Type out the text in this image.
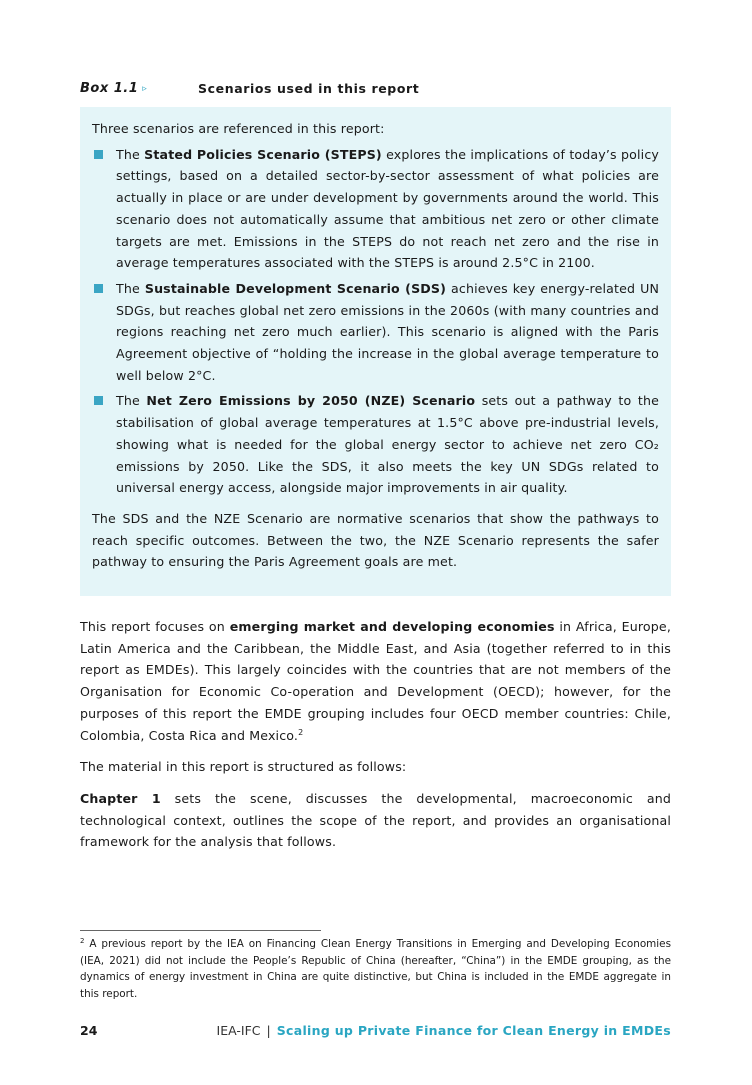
Box 1.1 ▹	Scenarios used in this report

Three scenarios are referenced in this report:

The Stated Policies Scenario (STEPS) explores the implications of today’s policy settings, based on a detailed sector-by-sector assessment of what policies are actually in place or are under development by governments around the world. This scenario does not automatically assume that ambitious net zero or other climate targets are met. Emissions in the STEPS do not reach net zero and the rise in average temperatures associated with the STEPS is around 2.5°C in 2100.
The Sustainable Development Scenario (SDS) achieves key energy-related UN SDGs, but reaches global net zero emissions in the 2060s (with many countries and regions reaching net zero much earlier). This scenario is aligned with the Paris Agreement objective of “holding the increase in the global average temperature to well below 2°C.
The Net Zero Emissions by 2050 (NZE) Scenario sets out a pathway to the stabilisation of global average temperatures at 1.5°C above pre-industrial levels, showing what is needed for the global energy sector to achieve net zero CO₂ emissions by 2050. Like the SDS, it also meets the key UN SDGs related to universal energy access, alongside major improvements in air quality.

The SDS and the NZE Scenario are normative scenarios that show the pathways to reach specific outcomes. Between the two, the NZE Scenario represents the safer pathway to ensuring the Paris Agreement goals are met.

This report focuses on emerging market and developing economies in Africa, Europe, Latin America and the Caribbean, the Middle East, and Asia (together referred to in this report as EMDEs). This largely coincides with the countries that are not members of the Organisation for Economic Co-operation and Development (OECD); however, for the purposes of this report the EMDE grouping includes four OECD member countries: Chile, Colombia, Costa Rica and Mexico.$^2$

The material in this report is structured as follows:

Chapter 1 sets the scene, discusses the developmental, macroeconomic and technological context, outlines the scope of the report, and provides an organisational framework for the analysis that follows.

$^2$ A previous report by the IEA on Financing Clean Energy Transitions in Emerging and Developing Economies (IEA, 2021) did not include the People’s Republic of China (hereafter, “China”) in the EMDE grouping, as the dynamics of energy investment in China are quite distinctive, but China is included in the EMDE aggregate in this report.
24	IEA-IFC | Scaling up Private Finance for Clean Energy in EMDEs
